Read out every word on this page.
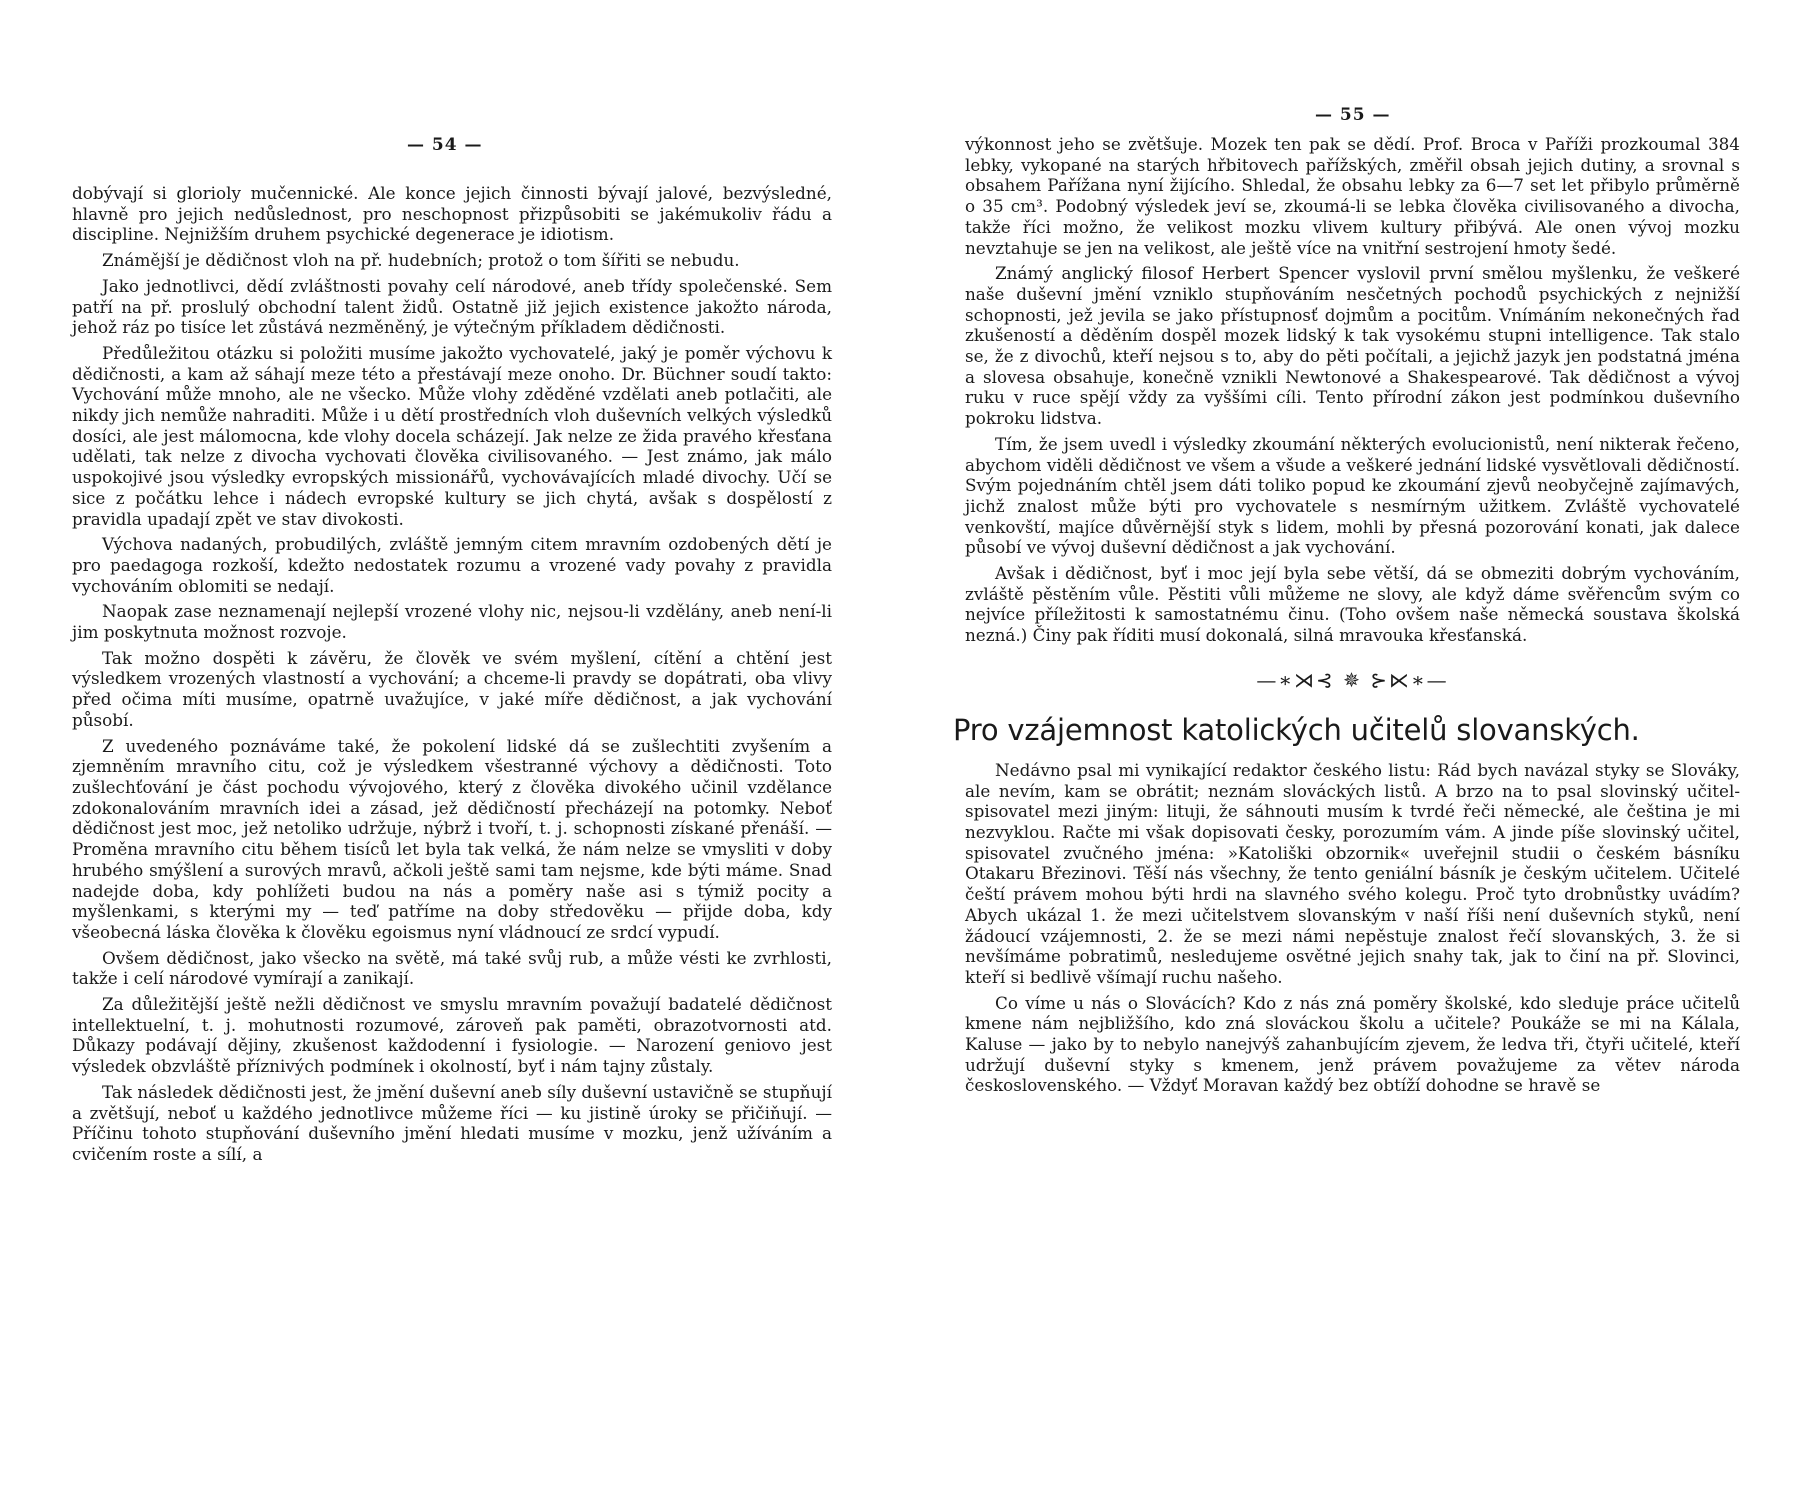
— 54 —

dobývají si glorioly mučennické. Ale konce jejich činnosti bývají jalové, bezvýsledné, hlavně pro jejich nedůslednost, pro neschopnost přizpůsobiti se jakémukoliv řádu a discipline. Nejnižším druhem psychické degenerace je idiotism.

Známější je dědičnost vloh na př. hudebních; protož o tom šířiti se nebudu.

Jako jednotlivci, dědí zvláštnosti povahy celí národové, aneb třídy společenské. Sem patří na př. proslulý obchodní talent židů. Ostatně již jejich existence jakožto národa, jehož ráz po tisíce let zůstává nezměněný, je výtečným příkladem dědičnosti.

Předůležitou otázku si položiti musíme jakožto vychovatelé, jaký je poměr výchovu k dědičnosti, a kam až sáhají meze této a přestávají meze onoho. Dr. Büchner soudí takto: Vychování může mnoho, ale ne všecko. Může vlohy zděděné vzdělati aneb potlačiti, ale nikdy jich nemůže nahraditi. Může i u dětí prostředních vloh duševních velkých výsledků dosíci, ale jest málomocna, kde vlohy docela scházejí. Jak nelze ze žida pravého křesťana udělati, tak nelze z divocha vychovati člověka civilisovaného. — Jest známo, jak málo uspokojivé jsou výsledky evropských missionářů, vychovávajících mladé divochy. Učí se sice z počátku lehce i nádech evropské kultury se jich chytá, avšak s dospělostí z pravidla upadají zpět ve stav divokosti.

Výchova nadaných, probudilých, zvláště jemným citem mravním ozdobených dětí je pro paedagoga rozkoší, kdežto nedostatek rozumu a vrozené vady povahy z pravidla vychováním oblomiti se nedají.

Naopak zase neznamenají nejlepší vrozené vlohy nic, nejsou-li vzdělány, aneb není-li jim poskytnuta možnost rozvoje.

Tak možno dospěti k závěru, že člověk ve svém myšlení, cítění a chtění jest výsledkem vrozených vlastností a vychování; a chceme-li pravdy se dopátrati, oba vlivy před očima míti musíme, opatrně uvažujíce, v jaké míře dědičnost, a jak vychování působí.

Z uvedeného poznáváme také, že pokolení lidské dá se zušlechtiti zvyšením a zjemněním mravního citu, což je výsledkem všestranné výchovy a dědičnosti. Toto zušlechťování je část pochodu vývojového, který z člověka divokého učinil vzdělance zdokonalováním mravních idei a zásad, jež dědičností přecházejí na potomky. Neboť dědičnost jest moc, jež netoliko udržuje, nýbrž i tvoří, t. j. schopnosti získané přenáší. — Proměna mravního citu během tisíců let byla tak velká, že nám nelze se vmysliti v doby hrubého smýšlení a surových mravů, ačkoli ještě sami tam nejsme, kde býti máme. Snad nadejde doba, kdy pohlížeti budou na nás a poměry naše asi s týmiž pocity a myšlenkami, s kterými my — teď patříme na doby středověku — přijde doba, kdy všeobecná láska člověka k člověku egoismus nyní vládnoucí ze srdcí vypudí.

Ovšem dědičnost, jako všecko na světě, má také svůj rub, a může vésti ke zvrhlosti, takže i celí národové vymírají a zanikají.

Za důležitější ještě nežli dědičnost ve smyslu mravním považují badatelé dědičnost intellektuelní, t. j. mohutnosti rozumové, zároveň pak paměti, obrazotvornosti atd. Důkazy podávají dějiny, zkušenost každodenní i fysiologie. — Narození geniovo jest výsledek obzvláště příznivých podmínek i okolností, byť i nám tajny zůstaly.

Tak následek dědičnosti jest, že jmění duševní aneb síly duševní ustavičně se stupňují a zvětšují, neboť u každého jednotlivce můžeme říci — ku jistině úroky se přičiňují. — Příčinu tohoto stupňování duševního jmění hledati musíme v mozku, jenž užíváním a cvičením roste a sílí, a

— 55 —

výkonnost jeho se zvětšuje. Mozek ten pak se dědí. Prof. Broca v Paříži prozkoumal 384 lebky, vykopané na starých hřbitovech pařížských, změřil obsah jejich dutiny, a srovnal s obsahem Pařížana nyní žijícího. Shledal, že obsahu lebky za 6—7 set let přibylo průměrně o 35 cm³. Podobný výsledek jeví se, zkoumá-li se lebka člověka civilisovaného a divocha, takže říci možno, že velikost mozku vlivem kultury přibývá. Ale onen vývoj mozku nevztahuje se jen na velikost, ale ještě více na vnitřní sestrojení hmoty šedé.

Známý anglický filosof Herbert Spencer vyslovil první smělou myšlenku, že veškeré naše duševní jmění vzniklo stupňováním nesčetných pochodů psychických z nejnižší schopnosti, jež jevila se jako přístupnosť dojmům a pocitům. Vnímáním nekonečných řad zkušeností a děděním dospěl mozek lidský k tak vysokému stupni intelligence. Tak stalo se, že z divochů, kteří nejsou s to, aby do pěti počítali, a jejichž jazyk jen podstatná jména a slovesa obsahuje, konečně vznikli Newtonové a Shakespearové. Tak dědičnost a vývoj ruku v ruce spějí vždy za vyššími cíli. Tento přírodní zákon jest podmínkou duševního pokroku lidstva.

Tím, že jsem uvedl i výsledky zkoumání některých evolucionistů, není nikterak řečeno, abychom viděli dědičnost ve všem a všude a veškeré jednání lidské vysvětlovali dědičností. Svým pojednáním chtěl jsem dáti toliko popud ke zkoumání zjevů neobyčejně zajímavých, jichž znalost může býti pro vychovatele s nesmírným užitkem. Zvláště vychovatelé venkovští, majíce důvěrnější styk s lidem, mohli by přesná pozorování konati, jak dalece působí ve vývoj duševní dědičnost a jak vychování.

Avšak i dědičnost, byť i moc její byla sebe větší, dá se obmeziti dobrým vychováním, zvláště pěstěním vůle. Pěstiti vůli můžeme ne slovy, ale když dáme svěřencům svým co nejvíce příležitosti k samostatnému činu. (Toho ovšem naše německá soustava školská nezná.) Činy pak říditi musí dokonalá, silná mravouka křesťanská.

—∗⋊⊰ ✵ ⊱⋉∗—
Pro vzájemnost katolických učitelů slovanských.

Nedávno psal mi vynikající redaktor českého listu: Rád bych navázal styky se Slováky, ale nevím, kam se obrátit; neznám slováckých listů. A brzo na to psal slovinský učitel-spisovatel mezi jiným: lituji, že sáhnouti musím k tvrdé řeči německé, ale čeština je mi nezvyklou. Račte mi však dopisovati česky, porozumím vám. A jinde píše slovinský učitel, spisovatel zvučného jména: »Katoliški obzornik« uveřejnil studii o českém básníku Otakaru Březinovi. Těší nás všechny, že tento geniální básník je českým učitelem. Učitelé čeští právem mohou býti hrdi na slavného svého kolegu. Proč tyto drobnůstky uvádím? Abych ukázal 1. že mezi učitelstvem slovanským v naší říši není duševních styků, není žádoucí vzájemnosti, 2. že se mezi námi nepěstuje znalost řečí slovanských, 3. že si nevšímáme pobratimů, nesledujeme osvětné jejich snahy tak, jak to činí na př. Slovinci, kteří si bedlivě všímají ruchu našeho.

Co víme u nás o Slovácích? Kdo z nás zná poměry školské, kdo sleduje práce učitelů kmene nám nejbližšího, kdo zná slováckou školu a učitele? Poukáže se mi na Kálala, Kaluse — jako by to nebylo nanejvýš zahanbujícím zjevem, že ledva tři, čtyři učitelé, kteří udržují duševní styky s kmenem, jenž právem považujeme za větev národa československého. — Vždyť Moravan každý bez obtíží dohodne se hravě se
